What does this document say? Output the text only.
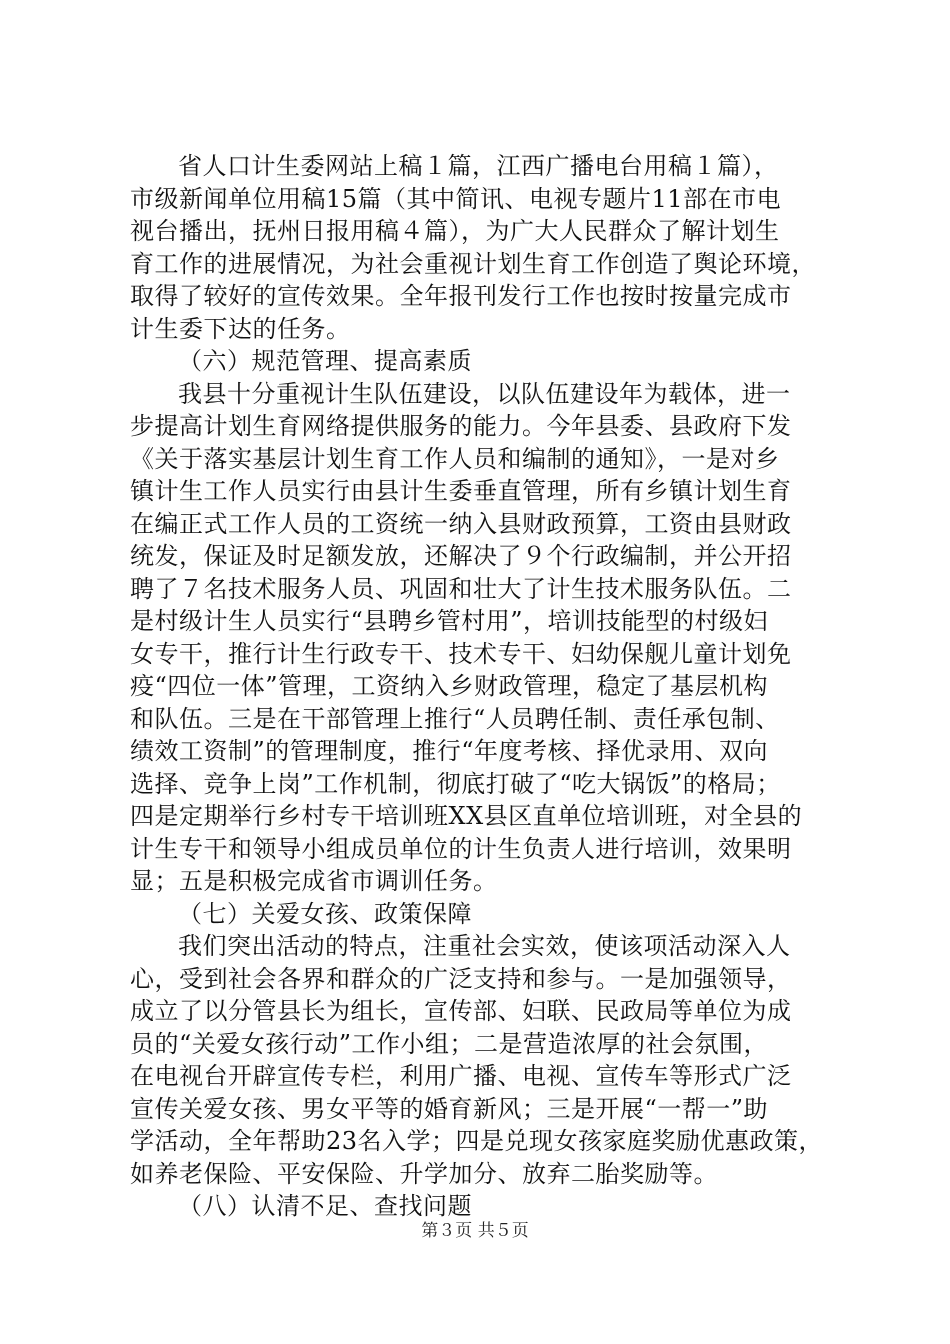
省人口计生委网站上稿１篇，江西广播电台用稿１篇），
市级新闻单位用稿15篇（其中简讯、电视专题片11部在市电
视台播出，抚州日报用稿４篇），为广大人民群众了解计划生
育工作的进展情况，为社会重视计划生育工作创造了舆论环境，
取得了较好的宣传效果。全年报刊发行工作也按时按量完成市
计生委下达的任务。
（六）规范管理、提高素质
我县十分重视计生队伍建设，以队伍建设年为载体，进一
步提高计划生育网络提供服务的能力。今年县委、县政府下发
《关于落实基层计划生育工作人员和编制的通知》，一是对乡
镇计生工作人员实行由县计生委垂直管理，所有乡镇计划生育
在编正式工作人员的工资统一纳入县财政预算，工资由县财政
统发，保证及时足额发放，还解决了９个行政编制，并公开招
聘了７名技术服务人员、巩固和壮大了计生技术服务队伍。二
是村级计生人员实行“县聘乡管村用”，培训技能型的村级妇
女专干，推行计生行政专干、技术专干、妇幼保舰儿童计划免
疫“四位一体”管理，工资纳入乡财政管理，稳定了基层机构
和队伍。三是在干部管理上推行“人员聘任制、责任承包制、
绩效工资制”的管理制度，推行“年度考核、择优录用、双向
选择、竞争上岗”工作机制，彻底打破了“吃大锅饭”的格局；
四是定期举行乡村专干培训班XX县区直单位培训班，对全县的
计生专干和领导小组成员单位的计生负责人进行培训，效果明
显；五是积极完成省市调训任务。
（七）关爱女孩、政策保障
我们突出活动的特点，注重社会实效，使该项活动深入人
心，受到社会各界和群众的广泛支持和参与。一是加强领导，
成立了以分管县长为组长，宣传部、妇联、民政局等单位为成
员的“关爱女孩行动”工作小组；二是营造浓厚的社会氛围，
在电视台开辟宣传专栏，利用广播、电视、宣传车等形式广泛
宣传关爱女孩、男女平等的婚育新风；三是开展“一帮一”助
学活动，全年帮助23名入学；四是兑现女孩家庭奖励优惠政策，
如养老保险、平安保险、升学加分、放弃二胎奖励等。
（八）认清不足、查找问题
第３页 共５页
